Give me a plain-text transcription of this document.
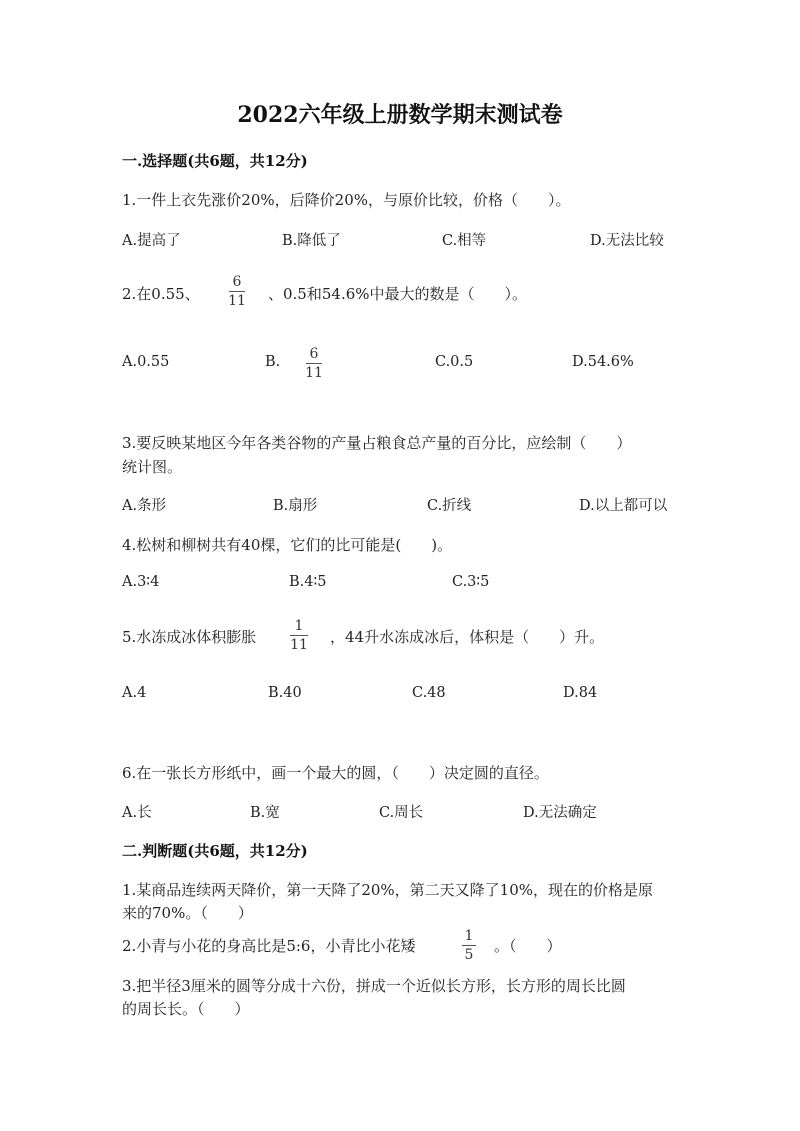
2022六年级上册数学期末测试卷
一.选择题(共6题，共12分)
1.一件上衣先涨价20%，后降价20%，与原价比较，价格（　　）。
A.提高了	B.降低了	C.相等	D.无法比较
2.在0.55、
6
11 、0.5和54.6%中最大的数是（　　）。
A.0.55	B. 6
11
C.0.5	D.54.6%
3.要反映某地区今年各类谷物的产量占粮食总产量的百分比，应绘制（　　）
统计图。
A.条形	B.扇形	C.折线	D.以上都可以
4.松树和柳树共有40棵，它们的比可能是(　　)。
A.3∶4	B.4∶5	C.3∶5
5.水冻成冰体积膨胀
1
11 ，44升水冻成冰后，体积是（　　）升。
A.4	B.40	C.48	D.84
6.在一张长方形纸中，画一个最大的圆，（　　）决定圆的直径。
A.长	B.宽	C.周长	D.无法确定
二.判断题(共6题，共12分)
1.某商品连续两天降价，第一天降了20%，第二天又降了10%，现在的价格是原
来的70%。（　　）
2.小青与小花的身高比是5:6，小青比小花矮
1
5 。（　　）
3.把半径3厘米的圆等分成十六份，拼成一个近似长方形，长方形的周长比圆
的周长长。（　　）
